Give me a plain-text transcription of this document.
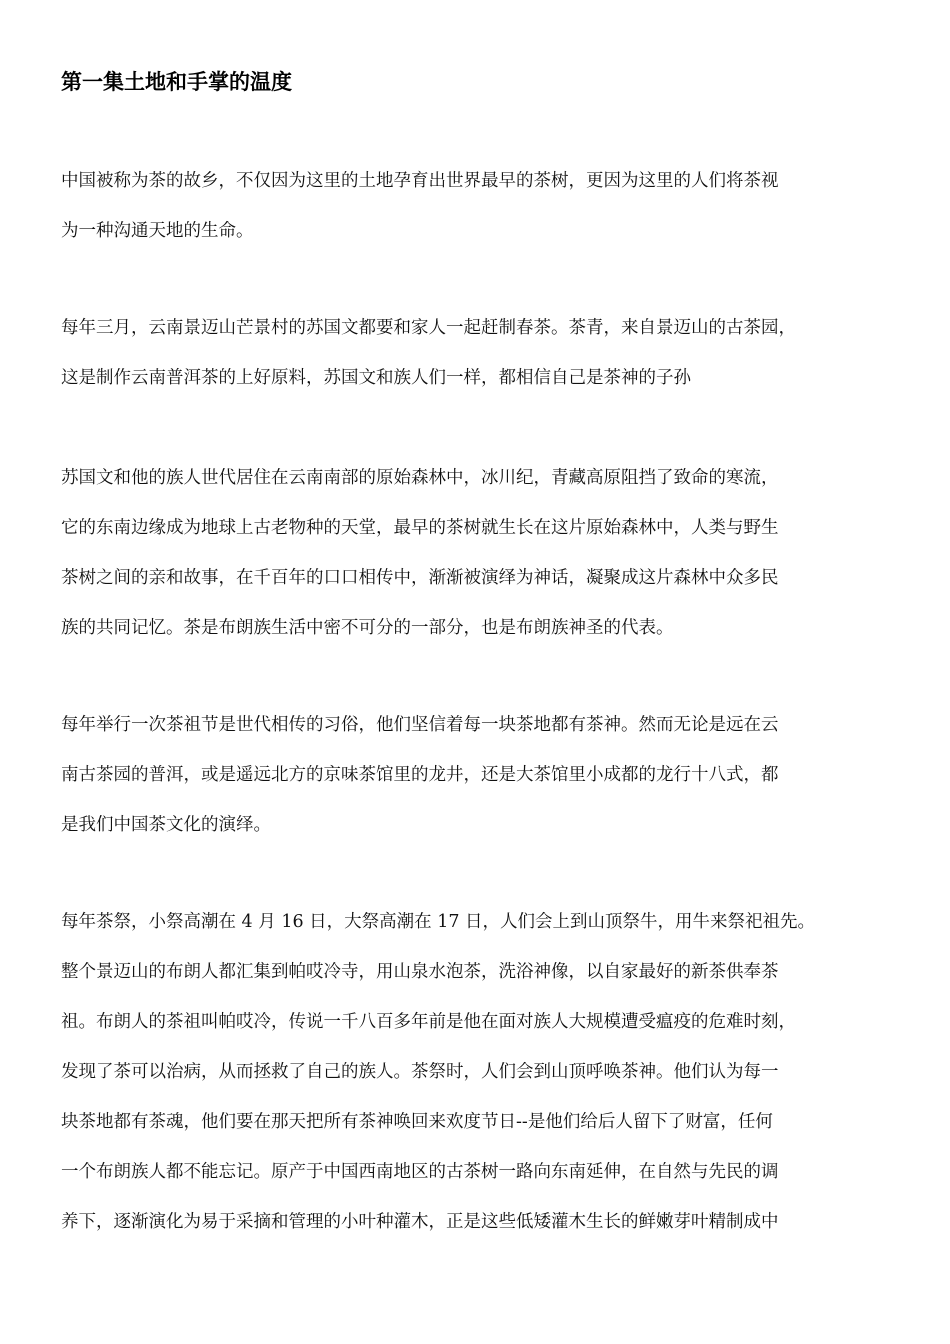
第一集土地和手掌的温度
中国被称为茶的故乡，不仅因为这里的土地孕育出世界最早的茶树，更因为这里的人们将茶视
为一种沟通天地的生命。
每年三月，云南景迈山芒景村的苏国文都要和家人一起赶制春茶。茶青，来自景迈山的古茶园，
这是制作云南普洱茶的上好原料，苏国文和族人们一样，都相信自己是茶神的子孙
苏国文和他的族人世代居住在云南南部的原始森林中，冰川纪，青藏高原阻挡了致命的寒流，
它的东南边缘成为地球上古老物种的天堂，最早的茶树就生长在这片原始森林中，人类与野生
茶树之间的亲和故事，在千百年的口口相传中，渐渐被演绎为神话，凝聚成这片森林中众多民
族的共同记忆。茶是布朗族生活中密不可分的一部分，也是布朗族神圣的代表。
每年举行一次茶祖节是世代相传的习俗，他们坚信着每一块茶地都有茶神。然而无论是远在云
南古茶园的普洱，或是遥远北方的京味茶馆里的龙井，还是大茶馆里小成都的龙行十八式，都
是我们中国茶文化的演绎。
每年茶祭，小祭高潮在 4 月 16 日，大祭高潮在 17 日，人们会上到山顶祭牛，用牛来祭祀祖先。
整个景迈山的布朗人都汇集到帕哎冷寺，用山泉水泡茶，洗浴神像，以自家最好的新茶供奉茶
祖。布朗人的茶祖叫帕哎冷，传说一千八百多年前是他在面对族人大规模遭受瘟疫的危难时刻，
发现了茶可以治病，从而拯救了自己的族人。茶祭时，人们会到山顶呼唤茶神。他们认为每一
块茶地都有茶魂，他们要在那天把所有茶神唤回来欢度节日--是他们给后人留下了财富，任何
一个布朗族人都不能忘记。原产于中国西南地区的古茶树一路向东南延伸，在自然与先民的调
养下，逐渐演化为易于采摘和管理的小叶种灌木，正是这些低矮灌木生长的鲜嫩芽叶精制成中
